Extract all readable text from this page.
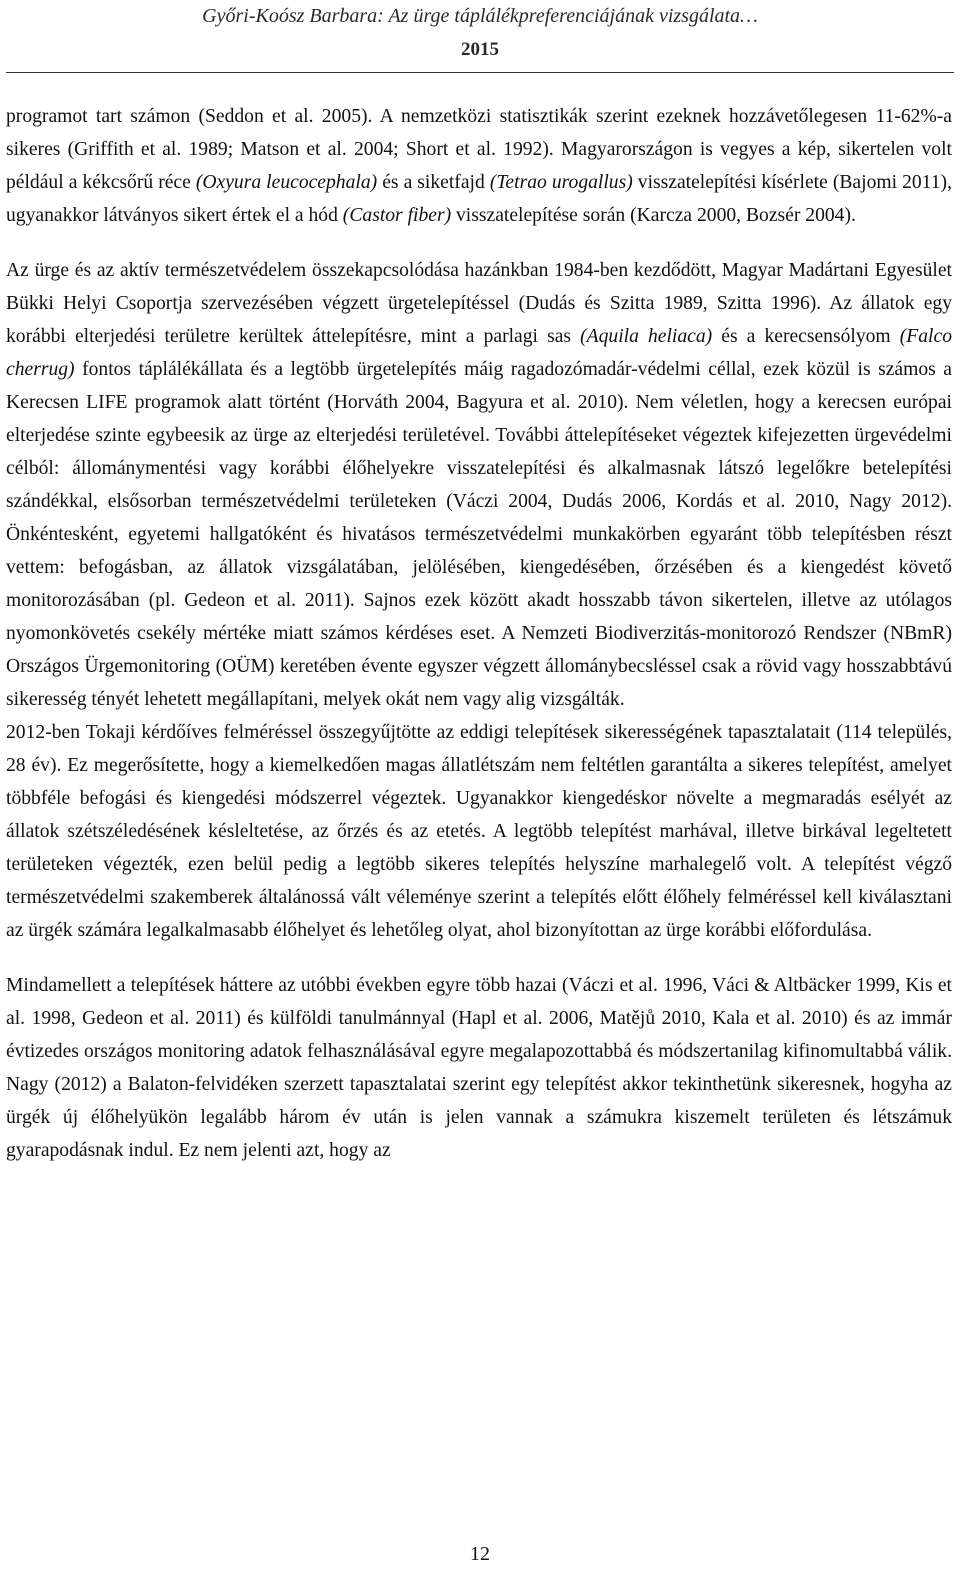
Győri-Koósz Barbara: Az ürge táplálékpreferenciájának vizsgálata…
2015

programot tart számon (Seddon et al. 2005). A nemzetközi statisztikák szerint ezeknek hozzávetőlegesen 11-62%-a sikeres (Griffith et al. 1989; Matson et al. 2004; Short et al. 1992). Magyarországon is vegyes a kép, sikertelen volt például a kékcsőrű réce (Oxyura leucocephala) és a siketfajd (Tetrao urogallus) visszatelepítési kísérlete (Bajomi 2011), ugyanakkor látványos sikert értek el a hód (Castor fiber) visszatelepítése során (Karcza 2000, Bozsér 2004).

Az ürge és az aktív természetvédelem összekapcsolódása hazánkban 1984-ben kezdődött, Magyar Madártani Egyesület Bükki Helyi Csoportja szervezésében végzett ürgetelepítéssel (Dudás és Szitta 1989, Szitta 1996). Az állatok egy korábbi elterjedési területre kerültek áttelepítésre, mint a parlagi sas (Aquila heliaca) és a kerecsensólyom (Falco cherrug) fontos táplálékállata és a legtöbb ürgetelepítés máig ragadozómadár-védelmi céllal, ezek közül is számos a Kerecsen LIFE programok alatt történt (Horváth 2004, Bagyura et al. 2010). Nem véletlen, hogy a kerecsen európai elterjedése szinte egybeesik az ürge az elterjedési területével. További áttelepítéseket végeztek kifejezetten ürgevédelmi célból: állománymentési vagy korábbi élőhelyekre visszatelepítési és alkalmasnak látszó legelőkre betelepítési szándékkal, elsősorban természetvédelmi területeken (Váczi 2004, Dudás 2006, Kordás et al. 2010, Nagy 2012). Önkéntesként, egyetemi hallgatóként és hivatásos természetvédelmi munkakörben egyaránt több telepítésben részt vettem: befogásban, az állatok vizsgálatában, jelölésében, kiengedésében, őrzésében és a kiengedést követő monitorozásában (pl. Gedeon et al. 2011). Sajnos ezek között akadt hosszabb távon sikertelen, illetve az utólagos nyomonkövetés csekély mértéke miatt számos kérdéses eset. A Nemzeti Biodiverzitás-monitorozó Rendszer (NBmR) Országos Ürgemonitoring (OÜM) keretében évente egyszer végzett állománybecsléssel csak a rövid vagy hosszabbtávú sikeresség tényét lehetett megállapítani, melyek okát nem vagy alig vizsgálták.

2012-ben Tokaji kérdőíves felméréssel összegyűjtötte az eddigi telepítések sikerességének tapasztalatait (114 település, 28 év). Ez megerősítette, hogy a kiemelkedően magas állatlétszám nem feltétlen garantálta a sikeres telepítést, amelyet többféle befogási és kiengedési módszerrel végeztek. Ugyanakkor kiengedéskor növelte a megmaradás esélyét az állatok szétszéledésének késleltetése, az őrzés és az etetés. A legtöbb telepítést marhával, illetve birkával legeltetett területeken végezték, ezen belül pedig a legtöbb sikeres telepítés helyszíne marhalegelő volt. A telepítést végző természetvédelmi szakemberek általánossá vált véleménye szerint a telepítés előtt élőhely felméréssel kell kiválasztani az ürgék számára legalkalmasabb élőhelyet és lehetőleg olyat, ahol bizonyítottan az ürge korábbi előfordulása.

Mindamellett a telepítések háttere az utóbbi években egyre több hazai (Váczi et al. 1996, Váci & Altbäcker 1999, Kis et al. 1998, Gedeon et al. 2011) és külföldi tanulmánnyal (Hapl et al. 2006, Matějů 2010, Kala et al. 2010) és az immár évtizedes országos monitoring adatok felhasználásával egyre megalapozottabbá és módszertanilag kifinomultabbá válik. Nagy (2012) a Balaton-felvidéken szerzett tapasztalatai szerint egy telepítést akkor tekinthetünk sikeresnek, hogyha az ürgék új élőhelyükön legalább három év után is jelen vannak a számukra kiszemelt területen és létszámuk gyarapodásnak indul. Ez nem jelenti azt, hogy az

12
